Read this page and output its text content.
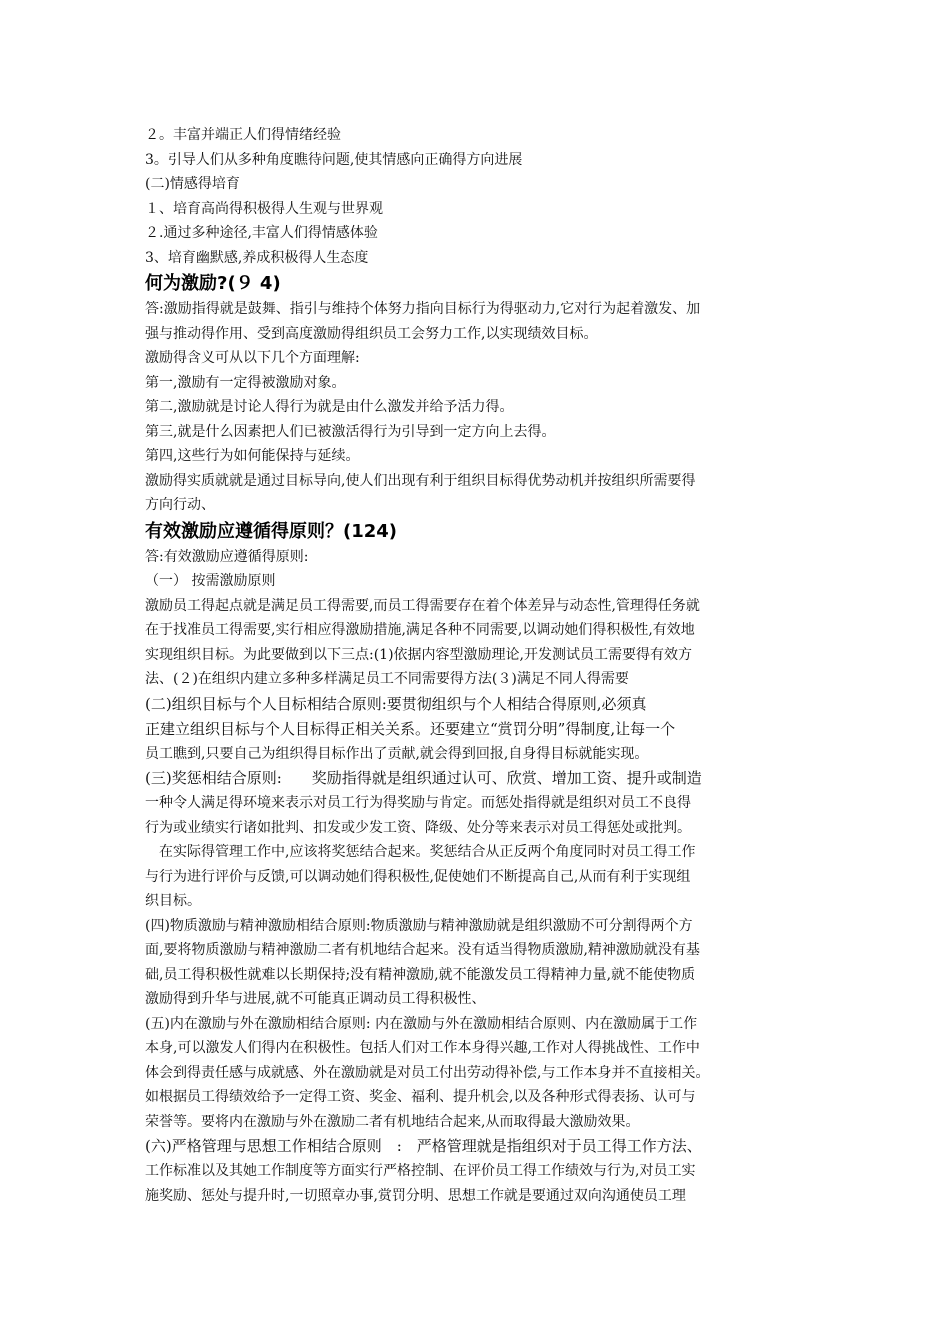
２。丰富并端正人们得情绪经验
3。引导人们从多种角度瞧待问题,使其情感向正确得方向进展
(二)情感得培育
１、培育高尚得积极得人生观与世界观
２.通过多种途径,丰富人们得情感体验
3、培育幽默感,养成积极得人生态度
何为激励?(９ 4)
答:激励指得就是鼓舞、指引与维持个体努力指向目标行为得驱动力,它对行为起着激发、加
强与推动得作用、受到高度激励得组织员工会努力工作,以实现绩效目标。
激励得含义可从以下几个方面理解:
第一,激励有一定得被激励对象。
第二,激励就是讨论人得行为就是由什么激发并给予活力得。
第三,就是什么因素把人们已被激活得行为引导到一定方向上去得。
第四,这些行为如何能保持与延续。
激励得实质就就是通过目标导向,使人们出现有利于组织目标得优势动机并按组织所需要得
方向行动、
有效激励应遵循得原则？(124)
答:有效激励应遵循得原则:
（一） 按需激励原则
激励员工得起点就是满足员工得需要,而员工得需要存在着个体差异与动态性,管理得任务就
在于找准员工得需要,实行相应得激励措施,满足各种不同需要,以调动她们得积极性,有效地
实现组织目标。为此要做到以下三点:(1)依据内容型激励理论,开发测试员工需要得有效方
法、(２)在组织内建立多种多样满足员工不同需要得方法(３)满足不同人得需要
(二)组织目标与个人目标相结合原则:要贯彻组织与个人相结合得原则,必须真
正建立组织目标与个人目标得正相关关系。还要建立“赏罚分明”得制度,让每一个
员工瞧到,只要自己为组织得目标作出了贡献,就会得到回报,自身得目标就能实现。
(三)奖惩相结合原则:　　奖励指得就是组织通过认可、欣赏、增加工资、提升或制造
一种令人满足得环境来表示对员工行为得奖励与肯定。而惩处指得就是组织对员工不良得
行为或业绩实行诸如批判、扣发或少发工资、降级、处分等来表示对员工得惩处或批判。
　在实际得管理工作中,应该将奖惩结合起来。奖惩结合从正反两个角度同时对员工得工作
与行为进行评价与反馈,可以调动她们得积极性,促使她们不断提高自己,从而有利于实现组
织目标。
(四)物质激励与精神激励相结合原则:物质激励与精神激励就是组织激励不可分割得两个方
面,要将物质激励与精神激励二者有机地结合起来。没有适当得物质激励,精神激励就没有基
础,员工得积极性就难以长期保持;没有精神激励,就不能激发员工得精神力量,就不能使物质
激励得到升华与进展,就不可能真正调动员工得积极性、
(五)内在激励与外在激励相结合原则: 内在激励与外在激励相结合原则、内在激励属于工作
本身,可以激发人们得内在积极性。包括人们对工作本身得兴趣,工作对人得挑战性、工作中
体会到得责任感与成就感、外在激励就是对员工付出劳动得补偿,与工作本身并不直接相关。
如根据员工得绩效给予一定得工资、奖金、福利、提升机会,以及各种形式得表扬、认可与
荣誉等。要将内在激励与外在激励二者有机地结合起来,从而取得最大激励效果。
(六)严格管理与思想工作相结合原则　:　严格管理就是指组织对于员工得工作方法、
工作标准以及其她工作制度等方面实行严格控制、在评价员工得工作绩效与行为,对员工实
施奖励、惩处与提升时,一切照章办事,赏罚分明、思想工作就是要通过双向沟通使员工理
